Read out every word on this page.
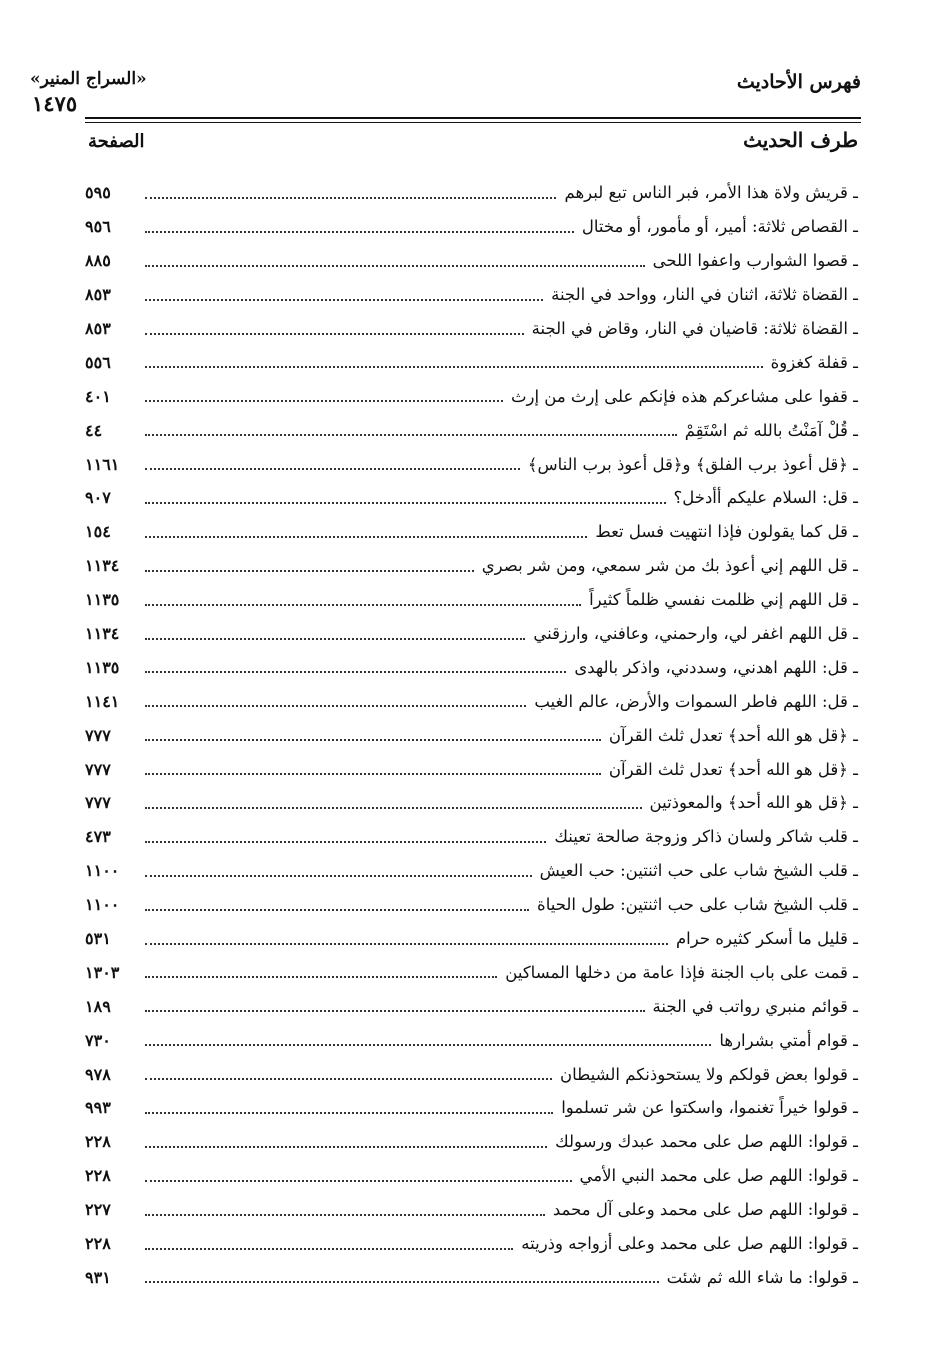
فهرس الأحاديث
«السراج المنير»
١٤٧٥
طرف الحديث
الصفحة
ـ قريش ولاة هذا الأمر، فبر الناس تبع لبرهم
٥٩٥
ـ القصاص ثلاثة: أمير، أو مأمور، أو مختال
٩٥٦
ـ قصوا الشوارب واعفوا اللحى
٨٨٥
ـ القضاة ثلاثة، اثنان في النار، وواحد في الجنة
٨٥٣
ـ القضاة ثلاثة: قاضيان في النار، وقاض في الجنة
٨٥٣
ـ قفلة كغزوة
٥٥٦
ـ قفوا على مشاعركم هذه فإنكم على إرث من إرث
٤٠١
ـ قُلْ آمَنْتُ بالله ثم اسْتَقِمْ
٤٤
ـ ﴿قل أعوذ برب الفلق﴾ و﴿قل أعوذ برب الناس﴾
١١٦١
ـ قل: السلام عليكم أأدخل؟
٩٠٧
ـ قل كما يقولون فإذا انتهيت فسل تعط
١٥٤
ـ قل اللهم إني أعوذ بك من شر سمعي، ومن شر بصري
١١٣٤
ـ قل اللهم إني ظلمت نفسي ظلماً كثيراً
١١٣٥
ـ قل اللهم اغفر لي، وارحمني، وعافني، وارزقني
١١٣٤
ـ قل: اللهم اهدني، وسددني، واذكر بالهدى
١١٣٥
ـ قل: اللهم فاطر السموات والأرض، عالم الغيب
١١٤١
ـ ﴿قل هو الله أحد﴾ تعدل ثلث القرآن
٧٧٧
ـ ﴿قل هو الله أحد﴾ تعدل ثلث القرآن
٧٧٧
ـ ﴿قل هو الله أحد﴾ والمعوذتين
٧٧٧
ـ قلب شاكر ولسان ذاكر وزوجة صالحة تعينك
٤٧٣
ـ قلب الشيخ شاب على حب اثنتين: حب العيش
١١٠٠
ـ قلب الشيخ شاب على حب اثنتين: طول الحياة
١١٠٠
ـ قليل ما أسكر كثيره حرام
٥٣١
ـ قمت على باب الجنة فإذا عامة من دخلها المساكين
١٣٠٣
ـ قوائم منبري رواتب في الجنة
١٨٩
ـ قوام أمتي بشرارها
٧٣٠
ـ قولوا بعض قولكم ولا يستحوذنكم الشيطان
٩٧٨
ـ قولوا خيراً تغنموا، واسكتوا عن شر تسلموا
٩٩٣
ـ قولوا: اللهم صل على محمد عبدك ورسولك
٢٢٨
ـ قولوا: اللهم صل على محمد النبي الأمي
٢٢٨
ـ قولوا: اللهم صل على محمد وعلى آل محمد
٢٢٧
ـ قولوا: اللهم صل على محمد وعلى أزواجه وذريته
٢٢٨
ـ قولوا: ما شاء الله ثم شئت
٩٣١
